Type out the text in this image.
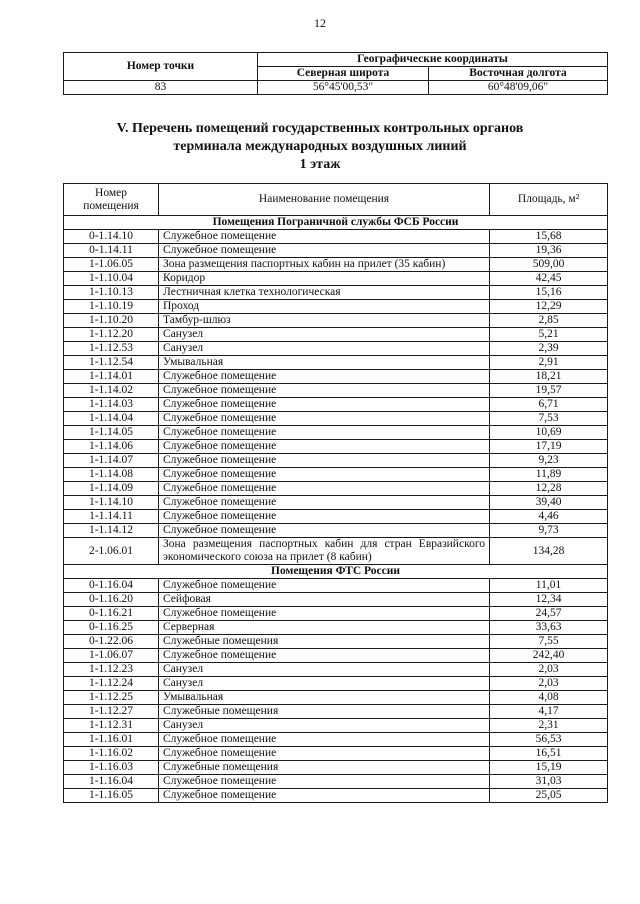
12
Номер точки	Географические координаты	
	Северная широта	Восточная долгота
83	56°45'00,53"	60°48'09,06"
V. Перечень помещений государственных контрольных органов
терминала международных воздушных линий
1 этаж
Номер помещения	Наименование помещения	Площадь, м²
Помещения Пограничной службы ФСБ России		
0-1.14.10	Служебное помещение	15,68
0-1.14.11	Служебное помещение	19,36
1-1.06.05	Зона размещения паспортных кабин на прилет (35 кабин)	509,00
1-1.10.04	Коридор	42,45
1-1.10.13	Лестничная клетка технологическая	15,16
1-1.10.19	Проход	12,29
1-1.10.20	Тамбур-шлюз	2,85
1-1.12.20	Санузел	5,21
1-1.12.53	Санузел	2,39
1-1.12.54	Умывальная	2,91
1-1.14.01	Служебное помещение	18,21
1-1.14.02	Служебное помещение	19,57
1-1.14.03	Служебное помещение	6,71
1-1.14.04	Служебное помещение	7,53
1-1.14.05	Служебное помещение	10,69
1-1.14.06	Служебное помещение	17,19
1-1.14.07	Служебное помещение	9,23
1-1.14.08	Служебное помещение	11,89
1-1.14.09	Служебное помещение	12,28
1-1.14.10	Служебное помещение	39,40
1-1.14.11	Служебное помещение	4,46
1-1.14.12	Служебное помещение	9,73
2-1.06.01	Зона размещения паспортных кабин для стран Евразийского экономического союза на прилет (8 кабин)	134,28
Помещения ФТС России		
0-1.16.04	Служебное помещение	11,01
0-1.16.20	Сейфовая	12,34
0-1.16.21	Служебное помещение	24,57
0-1.16.25	Серверная	33,63
0-1.22.06	Служебные помещения	7,55
1-1.06.07	Служебное помещение	242,40
1-1.12.23	Санузел	2,03
1-1.12.24	Санузел	2,03
1-1.12.25	Умывальная	4,08
1-1.12.27	Служебные помещения	4,17
1-1.12.31	Санузел	2,31
1-1.16.01	Служебное помещение	56,53
1-1.16.02	Служебное помещение	16,51
1-1.16.03	Служебные помещения	15,19
1-1.16.04	Служебное помещение	31,03
1-1.16.05	Служебное помещение	25,05
